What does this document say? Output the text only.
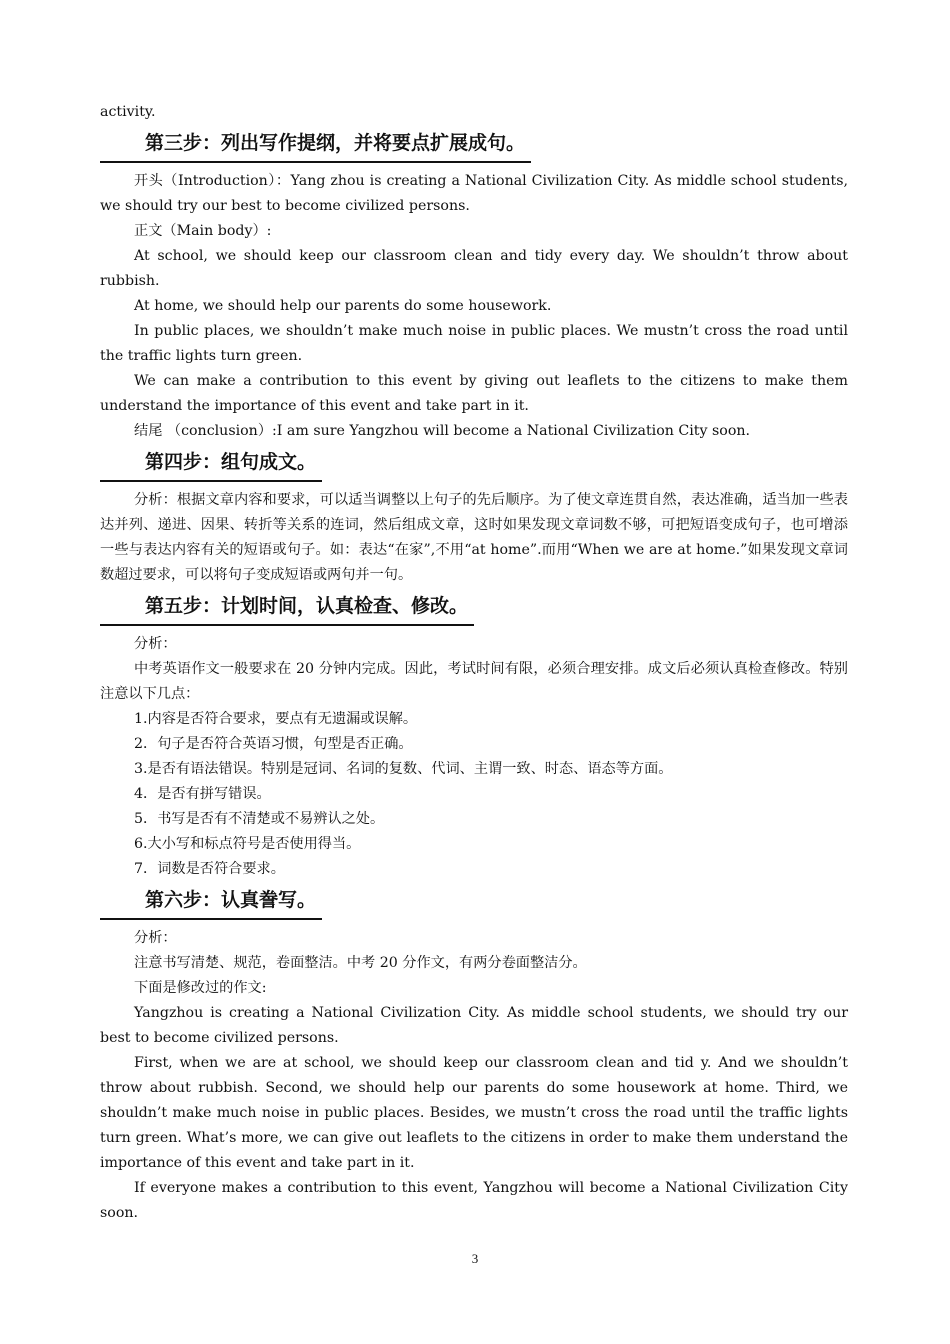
activity.

第三步：列出写作提纲，并将要点扩展成句。

开头（Introduction）：Yang zhou is creating a National Civilization City. As middle school students, we should try our best to become civilized persons.

正文（Main body）:

At school, we should keep our classroom clean and tidy every day. We shouldn’t throw about rubbish.

At home, we should help our parents do some housework.

In public places, we shouldn’t make much noise in public places. We mustn’t cross the road until the traffic lights turn green.

We can make a contribution to this event by giving out leaflets to the citizens to make them understand the importance of this event and take part in it.

结尾 （conclusion）:I am sure Yangzhou will become a National Civilization City soon.

第四步：组句成文。

分析：根据文章内容和要求，可以适当调整以上句子的先后顺序。为了使文章连贯自然，表达准确，适当加一些表达并列、递进、因果、转折等关系的连词，然后组成文章，这时如果发现文章词数不够，可把短语变成句子，也可增添一些与表达内容有关的短语或句子。如：表达“在家”,不用“at home”.而用“When we are at home.”如果发现文章词数超过要求，可以将句子变成短语或两句并一句。

第五步：计划时间，认真检查、修改。

分析：

中考英语作文一般要求在 20 分钟内完成。因此，考试时间有限，必须合理安排。成文后必须认真检查修改。特别注意以下几点：

1.内容是否符合要求，要点有无遗漏或误解。

2．句子是否符合英语习惯，句型是否正确。

3.是否有语法错误。特别是冠词、名词的复数、代词、主谓一致、时态、语态等方面。

4．是否有拼写错误。

5．书写是否有不清楚或不易辨认之处。

6.大小写和标点符号是否使用得当。

7．词数是否符合要求。

第六步：认真誊写。

分析：

注意书写清楚、规范，卷面整洁。中考 20 分作文，有两分卷面整洁分。

下面是修改过的作文:

Yangzhou is creating a National Civilization City. As middle school students, we should try our best to become civilized persons.

First, when we are at school, we should keep our classroom clean and tid y. And we shouldn’t throw about rubbish. Second, we should help our parents do some housework at home. Third, we shouldn’t make much noise in public places. Besides, we mustn’t cross the road until the traffic lights turn green. What’s more, we can give out leaflets to the citizens in order to make them understand the importance of this event and take part in it.

If everyone makes a contribution to this event, Yangzhou will become a National Civilization City soon.

3
